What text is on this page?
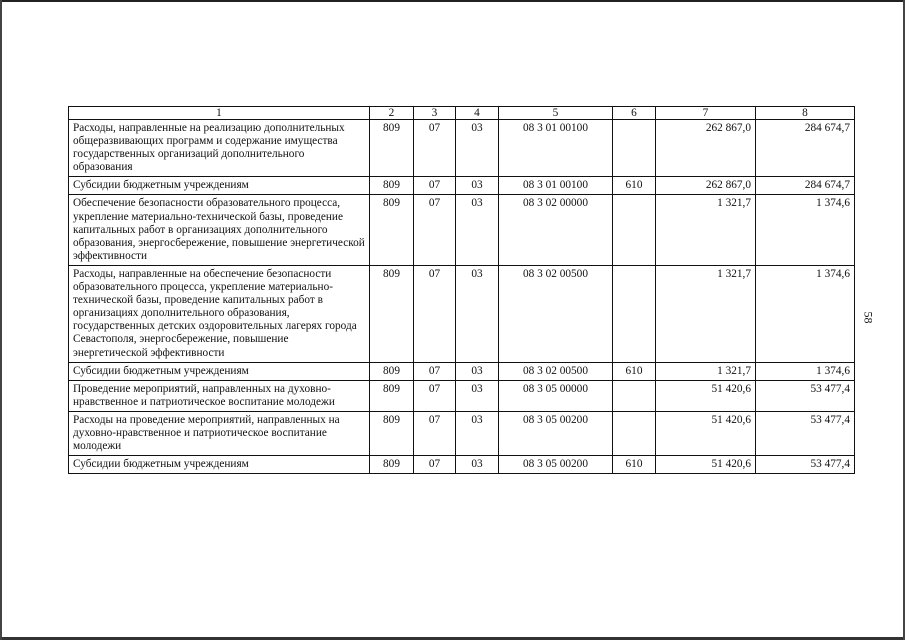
58
1	2	3	4	5	6	7	8
Расходы, направленные на реализацию дополнительных общеразвивающих программ и содержание имущества государственных организаций дополнительного образования	809	07	03	08 3 01 00100		262 867,0	284 674,7
Субсидии бюджетным учреждениям	809	07	03	08 3 01 00100	610	262 867,0	284 674,7
Обеспечение безопасности образовательного процесса, укрепление материально-технической базы, проведение капитальных работ в организациях дополнительного образования, энергосбережение, повышение энергетической эффективности	809	07	03	08 3 02 00000		1 321,7	1 374,6
Расходы, направленные на обеспечение безопасности образовательного процесса, укрепление материально-технической базы, проведение капитальных работ в организациях дополнительного образования, государственных детских оздоровительных лагерях города Севастополя, энергосбережение, повышение энергетической эффективности	809	07	03	08 3 02 00500		1 321,7	1 374,6
Субсидии бюджетным учреждениям	809	07	03	08 3 02 00500	610	1 321,7	1 374,6
Проведение мероприятий, направленных на духовно-нравственное и патриотическое воспитание молодежи	809	07	03	08 3 05 00000		51 420,6	53 477,4
Расходы на проведение мероприятий, направленных на духовно-нравственное и патриотическое воспитание молодежи	809	07	03	08 3 05 00200		51 420,6	53 477,4
Субсидии бюджетным учреждениям	809	07	03	08 3 05 00200	610	51 420,6	53 477,4
